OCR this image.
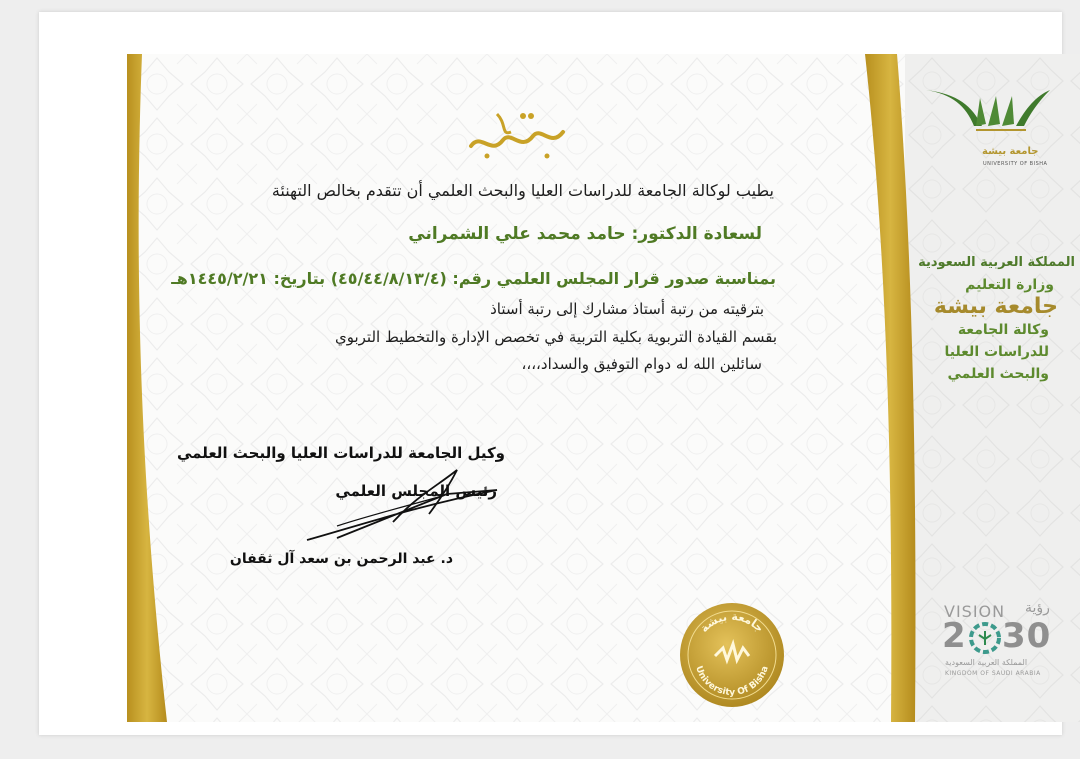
يطيب لوكالة الجامعة للدراسات العليا والبحث العلمي أن تتقدم بخالص التهنئة

لسعادة الدكتور: حامد محمد علي الشمراني

بمناسبة صدور قرار المجلس العلمي رقم: (٤٥/٤٤/٨/١٣/٤) بتاريخ: ١٤٤٥/٢/٢١هـ

بترقيته من رتبة أستاذ مشارك إلى رتبة أستاذ

بقسم القيادة التربوية بكلية التربية في تخصص الإدارة والتخطيط التربوي

سائلين الله له دوام التوفيق والسداد،،،،

وكيل الجامعة للدراسات العليا والبحث العلمي

رئيس المجلس العلمي

د. عبد الرحمن بن سعد آل ثقفان

جامعة بيشة
University Of Bisha
جامعة بيشة
UNIVERSITY OF BISHA
المملكة العربية السعودية
وزارة التعليم
جامعة بيشة
وكالة الجامعة
للدراسات العليا
والبحث العلمي
VISION رؤية
2 30
المملكة العربية السعودية
KINGDOM OF SAUDI ARABIA
